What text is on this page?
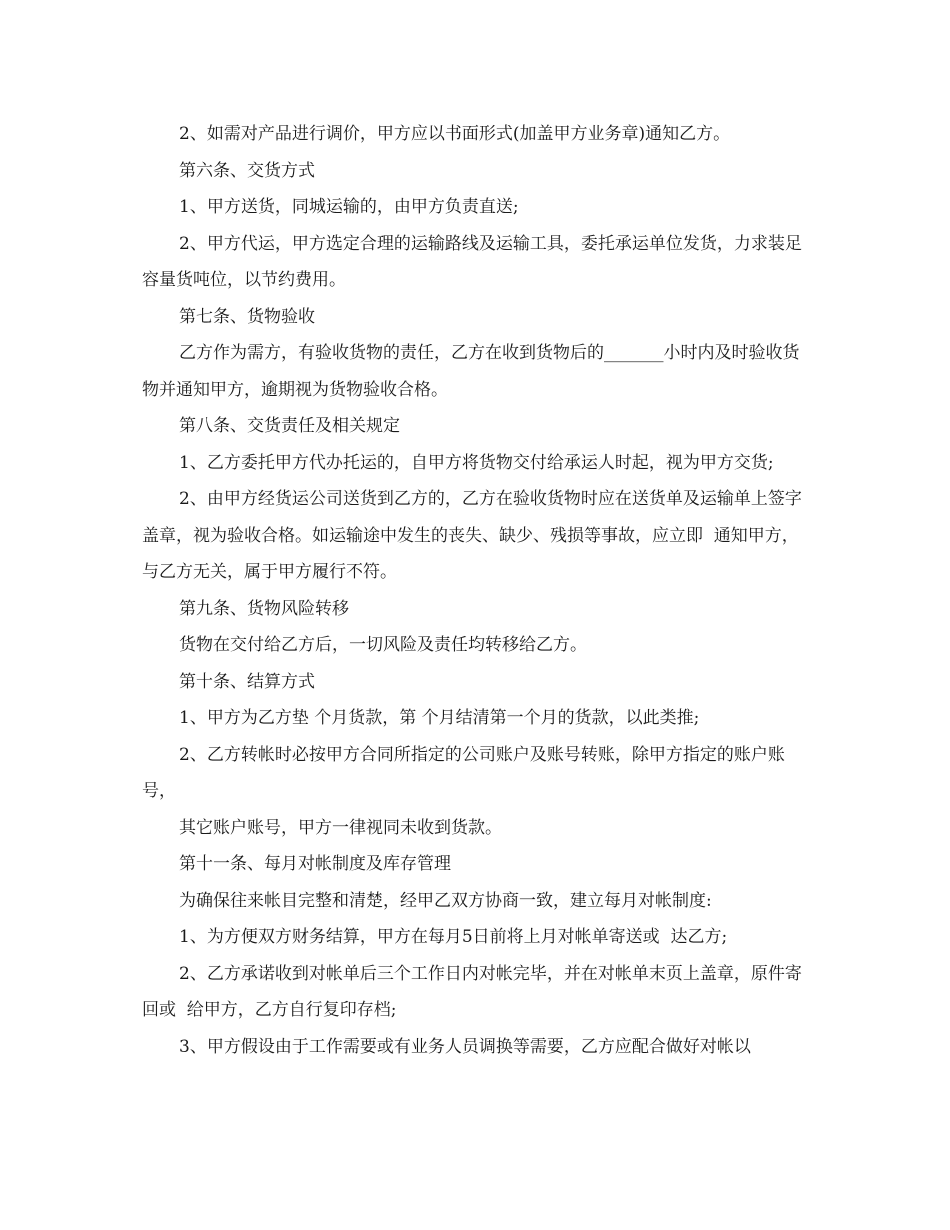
2、如需对产品进行调价，甲方应以书面形式(加盖甲方业务章)通知乙方。

第六条、交货方式

1、甲方送货，同城运输的，由甲方负责直送;

2、甲方代运，甲方选定合理的运输路线及运输工具，委托承运单位发货，力求装足容量货吨位，以节约费用。

第七条、货物验收

乙方作为需方，有验收货物的责任，乙方在收到货物后的_______小时内及时验收货物并通知甲方，逾期视为货物验收合格。

第八条、交货责任及相关规定

1、乙方委托甲方代办托运的，自甲方将货物交付给承运人时起，视为甲方交货;

2、由甲方经货运公司送货到乙方的，乙方在验收货物时应在送货单及运输单上签字盖章，视为验收合格。如运输途中发生的丧失、缺少、残损等事故，应立即  通知甲方，与乙方无关，属于甲方履行不符。

第九条、货物风险转移

货物在交付给乙方后，一切风险及责任均转移给乙方。

第十条、结算方式

1、甲方为乙方垫 个月货款，第 个月结清第一个月的货款，以此类推;

2、乙方转帐时必按甲方合同所指定的公司账户及账号转账，除甲方指定的账户账号，

其它账户账号，甲方一律视同未收到货款。

第十一条、每月对帐制度及库存管理

为确保往来帐目完整和清楚，经甲乙双方协商一致，建立每月对帐制度:

1、为方便双方财务结算，甲方在每月5日前将上月对帐单寄送或  达乙方;

2、乙方承诺收到对帐单后三个工作日内对帐完毕，并在对帐单末页上盖章，原件寄回或  给甲方，乙方自行复印存档;

3、甲方假设由于工作需要或有业务人员调换等需要，乙方应配合做好对帐以
